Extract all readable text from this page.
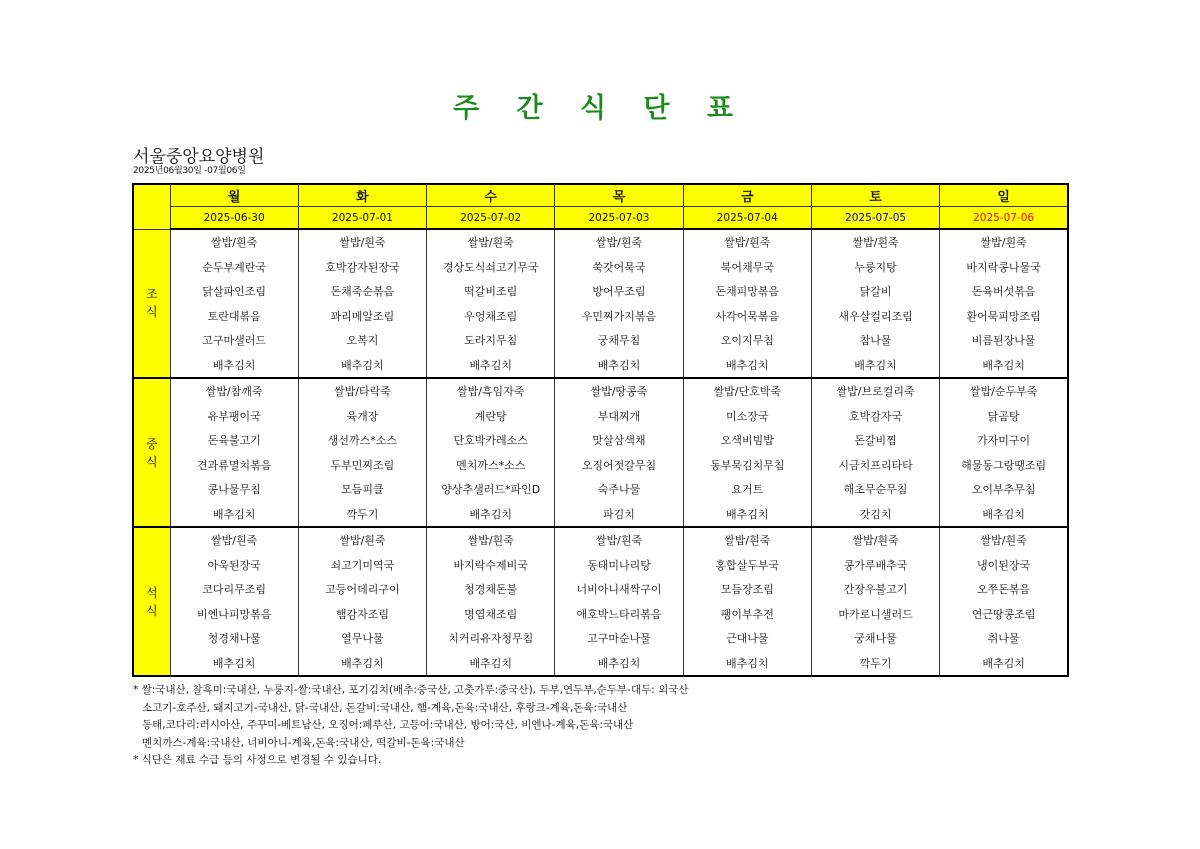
주 간 식 단 표
서울중앙요양병원
2025년06월30일 -07월06일
	월	화	수	목	금	토	일
	2025-06-30	2025-07-01	2025-07-02	2025-07-03	2025-07-04	2025-07-05	2025-07-06
조
식	쌀밥/흰죽	쌀밥/흰죽	쌀밥/흰죽	쌀밥/흰죽	쌀밥/흰죽	쌀밥/흰죽	쌀밥/흰죽
	순두부계란국	호박감자된장국	경상도식쇠고기무국	쑥갓어묵국	북어채무국	누룽지탕	바지락콩나물국
	닭살파인조림	돈채죽순볶음	떡갈비조림	방어무조림	돈채피망볶음	닭갈비	돈육버섯볶음
	토란대볶음	꽈리메알조림	우엉채조림	우민찌가지볶음	사각어묵볶음	새우살컬리조림	환어묵피망조림
	고구마샐러드	오복지	도라지무침	궁채무침	오이지무침	참나물	비름된장나물
	배추김치	배추김치	배추김치	배추김치	배추김치	배추김치	배추김치
중
식	쌀밥/참깨죽	쌀밥/타락죽	쌀밥/흑임자죽	쌀밥/땅콩죽	쌀밥/단호박죽	쌀밥/브로컬리죽	쌀밥/순두부죽
	유부팽이국	육개장	계란탕	부대찌개	미소장국	호박감자국	닭곰탕
	돈육불고기	생선까스*소스	단호박카레소스	맛살삼색채	오색비빔밥	돈갈비찜	가자미구이
	견과류멸치볶음	두부민찌조림	멘치까스*소스	오징어젓갈무침	동부묵김치무침	시금치프리타타	해물동그랑땡조림
	콩나물무침	모듬피클	양상추샐러드*파인D	숙주나물	요거트	해초무순무침	오이부추무침
	배추김치	깍두기	배추김치	파김치	배추김치	갓김치	배추김치
석
식	쌀밥/흰죽	쌀밥/흰죽	쌀밥/흰죽	쌀밥/흰죽	쌀밥/흰죽	쌀밥/흰죽	쌀밥/흰죽
	아욱된장국	쇠고기미역국	바지락수제비국	동태미나리탕	홍합살두부국	콩가루배추국	냉이된장국
	코다리무조림	고등어데리구이	청경채돈불	너비아니새싹구이	모듬장조림	간장우불고기	오쭈돈볶음
	비엔나피망볶음	햄감자조림	명엽채조림	애호박느타리볶음	팽이부추전	마카로니샐러드	연근땅콩조림
	청경채나물	열무나물	치커리유자청무침	고구마순나물	근대나물	궁채나물	취나물
	배추김치	배추김치	배추김치	배추김치	배추김치	깍두기	배추김치
* 쌀:국내산, 찰흑미:국내산, 누룽지-쌀:국내산, 포기김치(배추:중국산, 고춧가루:중국산), 두부,연두부,순두부-대두: 외국산
소고기-호주산, 돼지고기-국내산, 닭-국내산, 돈갈비:국내산, 햄-계육,돈육:국내산, 후랑크-계육,돈육:국내산
동태,코다리:러시아산, 주꾸미-베트남산, 오징어:페루산, 고등어:국내산, 방어:국산, 비엔나-계육,돈육:국내산
멘치까스-계육:국내산, 너비아니-계육,돈육:국내산, 떡갈비-돈육:국내산
* 식단은 재료 수급 등의 사정으로 변경될 수 있습니다.
